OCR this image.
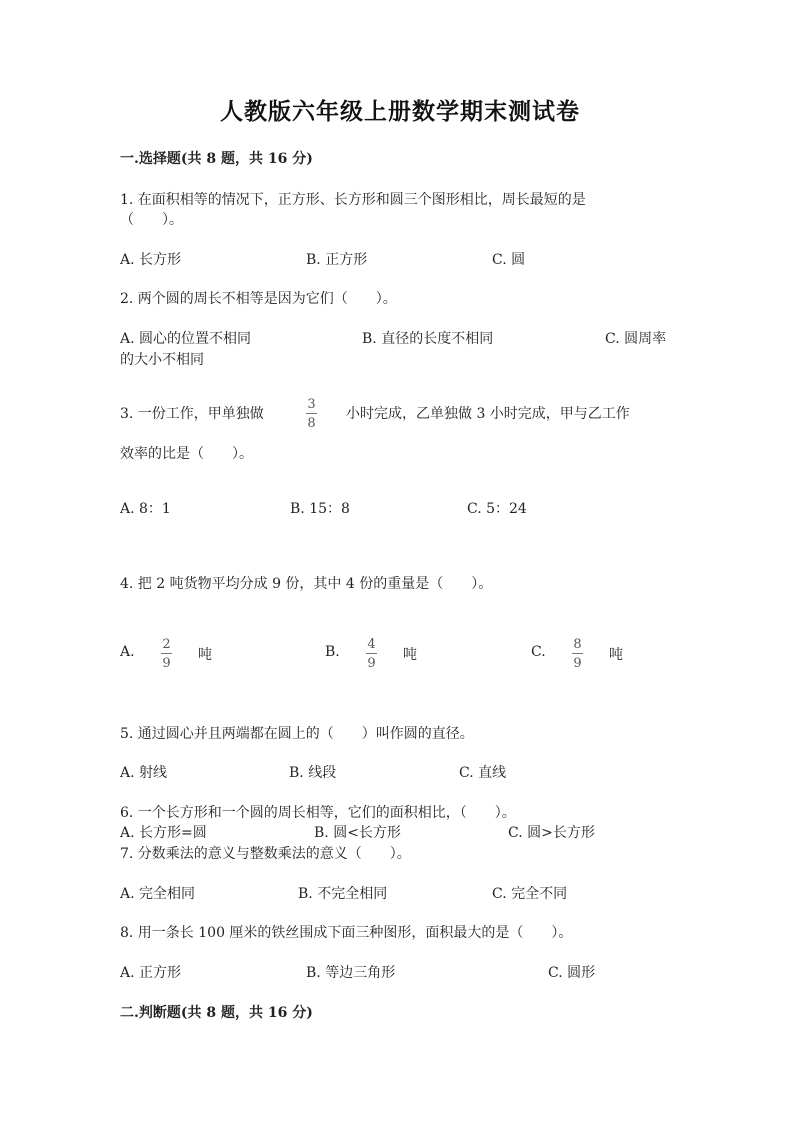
人教版六年级上册数学期末测试卷
一.选择题(共 8 题，共 16 分)
1. 在面积相等的情况下，正方形、长方形和圆三个图形相比，周长最短的是
（　　）。
A. 长方形	B. 正方形	C. 圆
2. 两个圆的周长不相等是因为它们（　　）。
A. 圆心的位置不相同	B. 直径的长度不相同	C. 圆周率
的大小不相同
3. 一份工作，甲单独做
3
8
小时完成，乙单独做 3 小时完成，甲与乙工作
效率的比是（　　）。
A. 8：1	B. 15：8	C. 5：24
4. 把 2 吨货物平均分成 9 份，其中 4 份的重量是（　　）。
A. 2
9
吨	B. 4
9
吨	C. 8
9
吨
5. 通过圆心并且两端都在圆上的（　　）叫作圆的直径。
A. 射线	B. 线段	C. 直线
6. 一个长方形和一个圆的周长相等，它们的面积相比，（　　）。
A. 长方形=圆	B. 圆<长方形	C. 圆>长方形
7. 分数乘法的意义与整数乘法的意义（　　）。
A. 完全相同	B. 不完全相同	C. 完全不同
8. 用一条长 100 厘米的铁丝围成下面三种图形，面积最大的是（　　）。
A. 正方形	B. 等边三角形	C. 圆形
二.判断题(共 8 题，共 16 分)
